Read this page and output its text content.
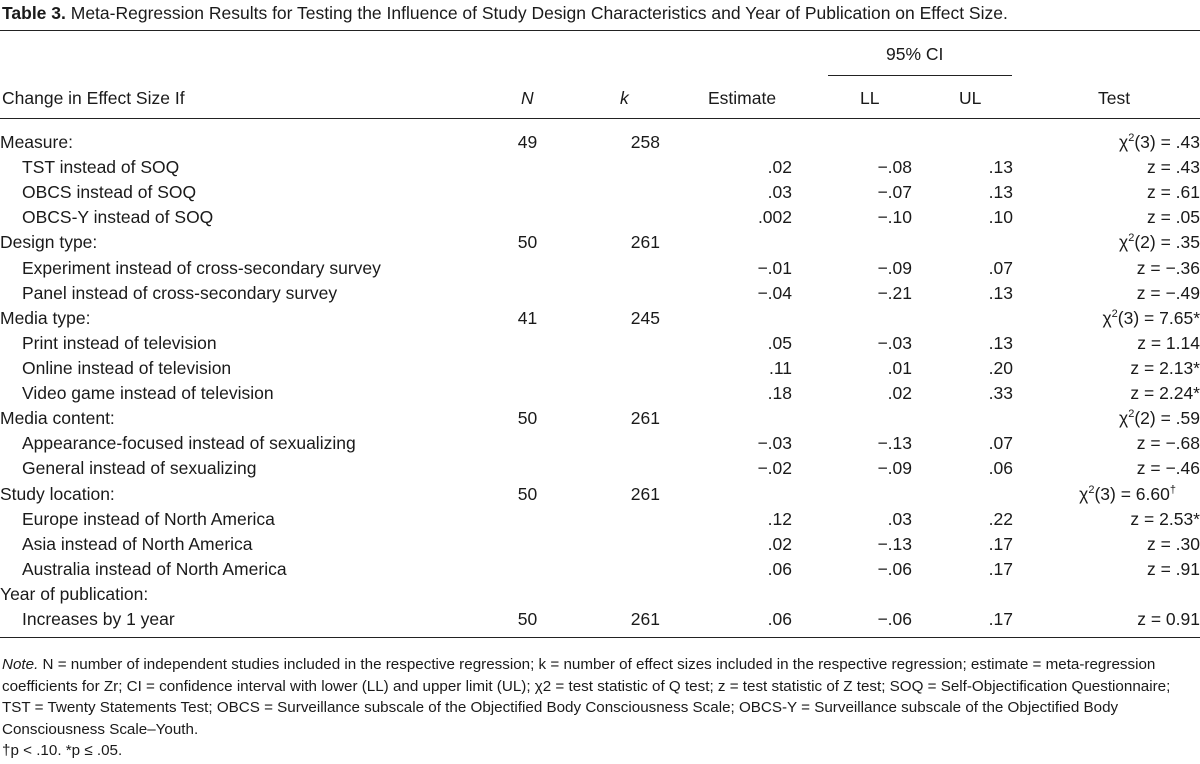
Table 3. Meta-Regression Results for Testing the Influence of Study Design Characteristics and Year of Publication on Effect Size.
95% CI
Change in Effect Size If	N	k	Estimate	LL	UL	Test
Measure:	49	258				$\chi^2(3) = .43$
TST instead of SOQ			.02	−.08	.13	z = .43
OBCS instead of SOQ			.03	−.07	.13	z = .61
OBCS-Y instead of SOQ			.002	−.10	.10	z = .05
Design type:	50	261				$\chi^2(2) = .35$
Experiment instead of cross-secondary survey			−.01	−.09	.07	z = −.36
Panel instead of cross-secondary survey			−.04	−.21	.13	z = −.49
Media type:	41	245				$\chi^2(3) = 7.65*$
Print instead of television			.05	−.03	.13	z = 1.14
Online instead of television			.11	.01	.20	z = 2.13*
Video game instead of television			.18	.02	.33	z = 2.24*
Media content:	50	261				$\chi^2(2) = .59$
Appearance-focused instead of sexualizing			−.03	−.13	.07	z = −.68
General instead of sexualizing			−.02	−.09	.06	z = −.46
Study location:	50	261				$\chi^2(3) = 6.60^\dagger$
Europe instead of North America			.12	.03	.22	z = 2.53*
Asia instead of North America			.02	−.13	.17	z = .30
Australia instead of North America			.06	−.06	.17	z = .91
Year of publication:						
Increases by 1 year	50	261	.06	−.06	.17	z = 0.91

Note. N = number of independent studies included in the respective regression; k = number of effect sizes included in the respective regression; estimate = meta-regression coefficients for Zr; CI = confidence interval with lower (LL) and upper limit (UL); χ2 = test statistic of Q test; z = test statistic of Z test; SOQ = Self-Objectification Questionnaire; TST = Twenty Statements Test; OBCS = Surveillance subscale of the Objectified Body Consciousness Scale; OBCS-Y = Surveillance subscale of the Objectified Body Consciousness Scale–Youth.

†p < .10. *p ≤ .05.
